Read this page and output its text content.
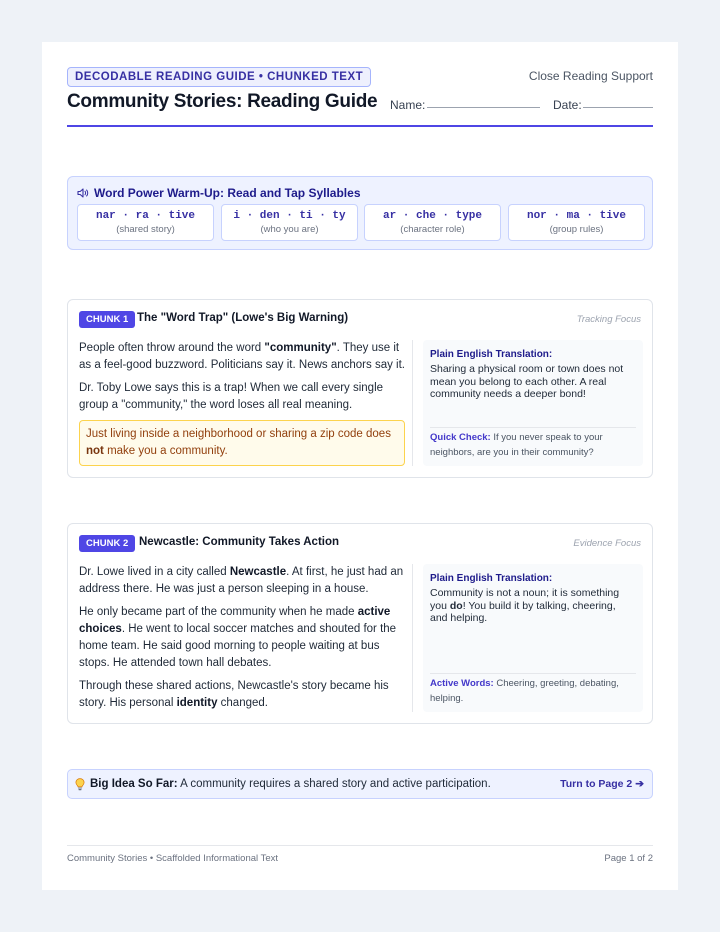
DECODABLE READING GUIDE • CHUNKED TEXT	Close Reading Support
Community Stories: Reading Guide Name:	Date:
Word Power Warm-Up: Read and Tap Syllables
nar · ra · tive
(shared story)
i · den · ti · ty
(who you are)
ar · che · type
(character role)
nor · ma · tive
(group rules)
CHUNK 1 The "Word Trap" (Lowe's Big Warning)	Tracking Focus

People often throw around the word "community". They use it as a feel-good buzzword. Politicians say it. News anchors say it.

Dr. Toby Lowe says this is a trap! When we call every single group a "community," the word loses all real meaning.

Just living inside a neighborhood or sharing a zip code does not make you a community.
Plain English Translation:
Sharing a physical room or town does not mean you belong to each other. A real community needs a deeper bond!
Quick Check: If you never speak to your neighbors, are you in their community?
CHUNK 2 Newcastle: Community Takes Action	Evidence Focus

Dr. Lowe lived in a city called Newcastle. At first, he just had an address there. He was just a person sleeping in a house.

He only became part of the community when he made active choices. He went to local soccer matches and shouted for the home team. He said good morning to people waiting at bus stops. He attended town hall debates.

Through these shared actions, Newcastle's story became his story. His personal identity changed.

Plain English Translation:
Community is not a noun; it is something you do! You build it by talking, cheering, and helping.
Active Words: Cheering, greeting, debating, helping.
Big Idea So Far: A community requires a shared story and active participation.	Turn to Page 2 ➔
Community Stories • Scaffolded Informational Text	Page 1 of 2
